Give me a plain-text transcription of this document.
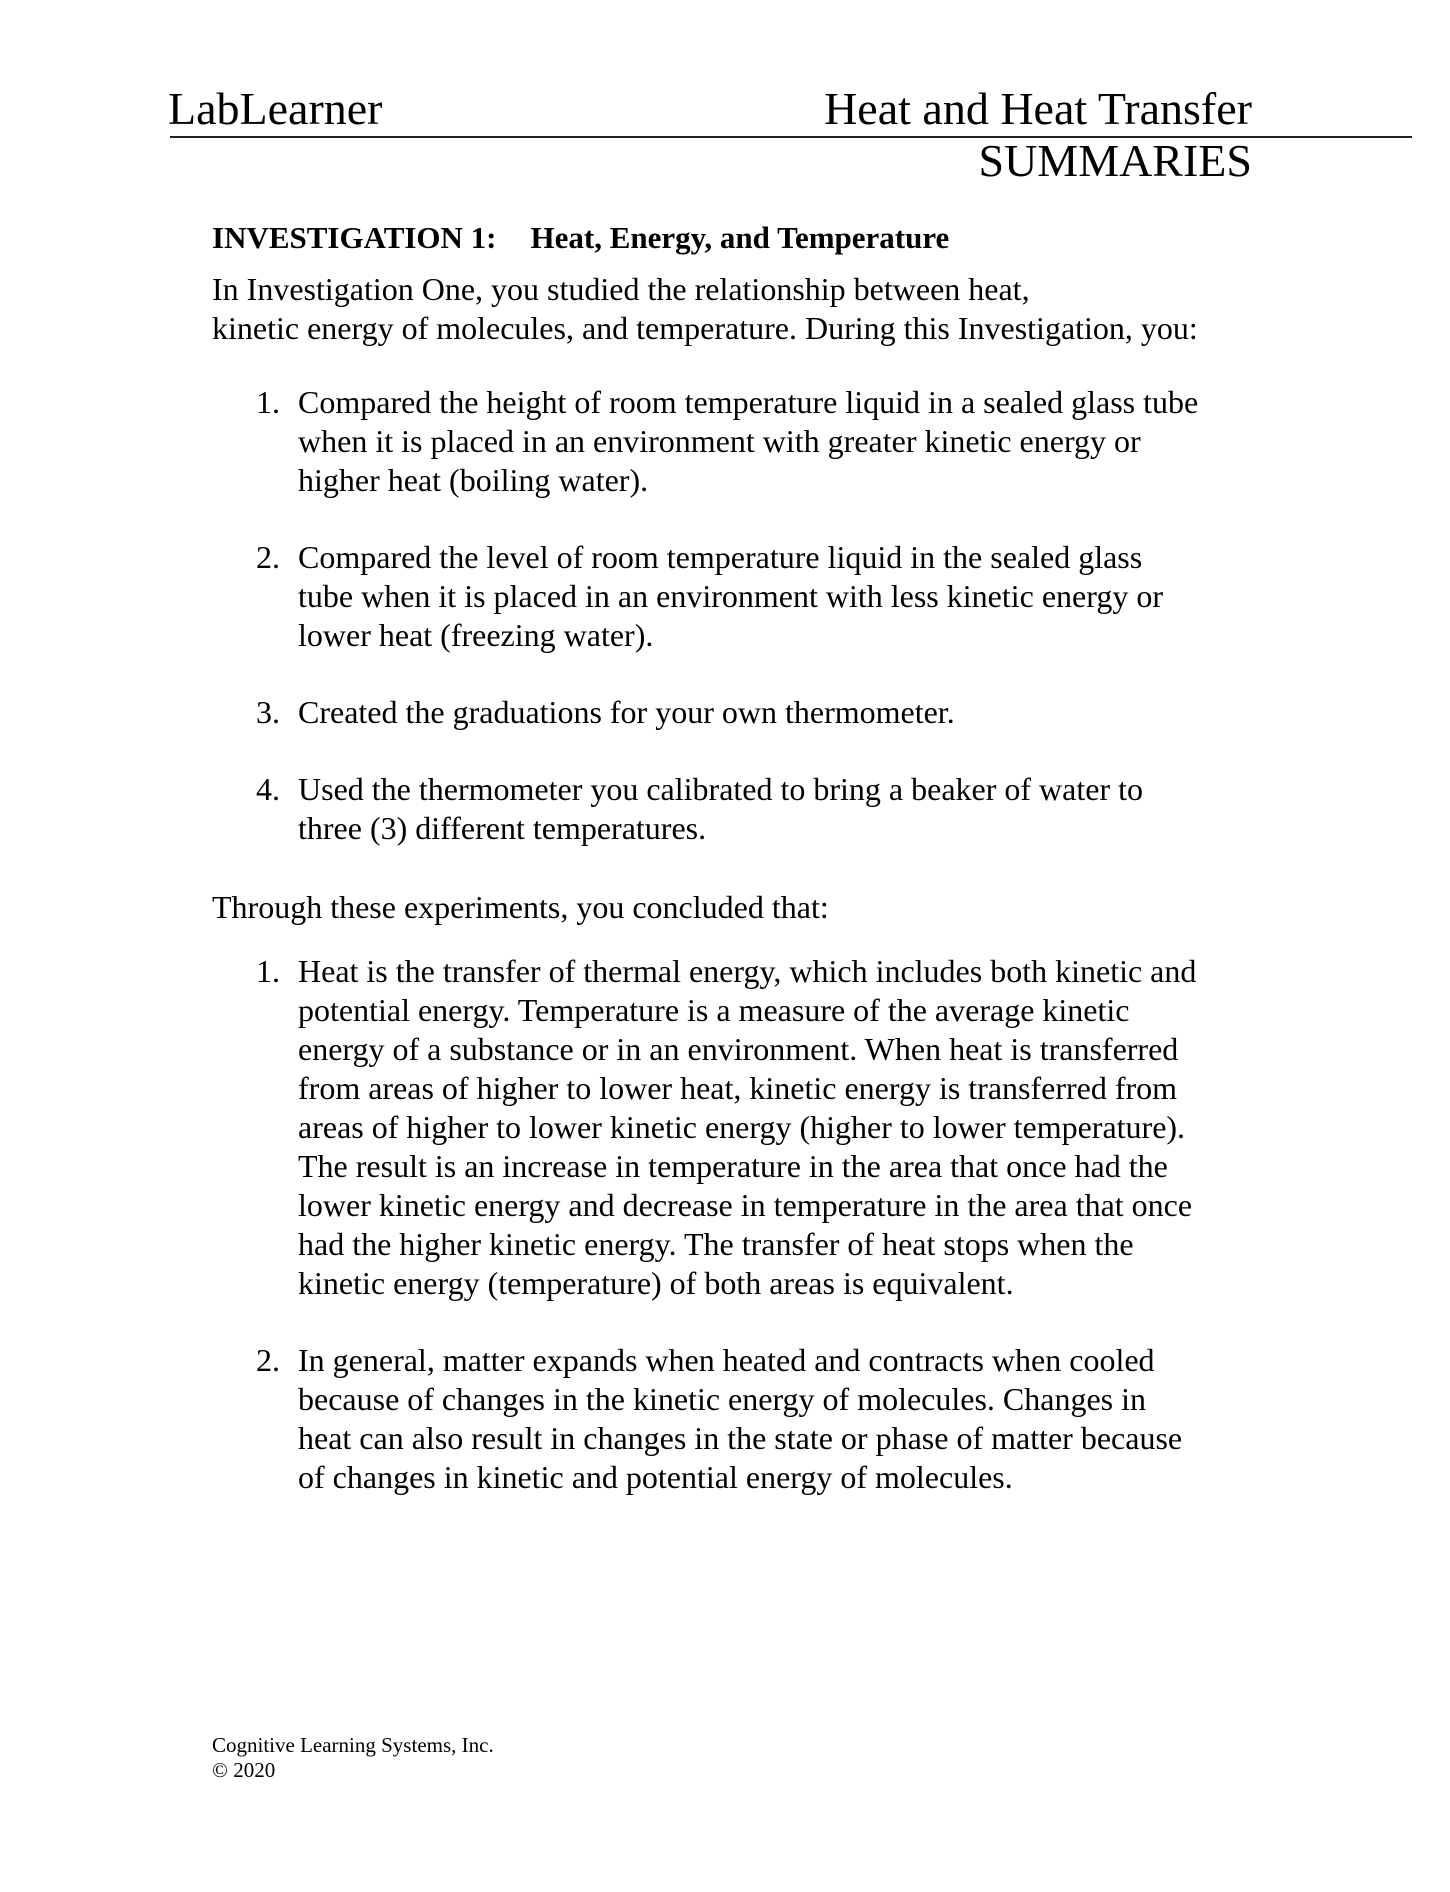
LabLearner	Heat and Heat Transfer
SUMMARIES
INVESTIGATION 1: Heat, Energy, and Temperature
In Investigation One, you studied the relationship between heat,
kinetic energy of molecules, and temperature. During this Investigation, you:
1. Compared the height of room temperature liquid in a sealed glass tube
when it is placed in an environment with greater kinetic energy or
higher heat (boiling water).
2. Compared the level of room temperature liquid in the sealed glass
tube when it is placed in an environment with less kinetic energy or
lower heat (freezing water).
3. Created the graduations for your own thermometer.
4. Used the thermometer you calibrated to bring a beaker of water to
three (3) different temperatures.
Through these experiments, you concluded that:
1. Heat is the transfer of thermal energy, which includes both kinetic and
potential energy. Temperature is a measure of the average kinetic
energy of a substance or in an environment. When heat is transferred
from areas of higher to lower heat, kinetic energy is transferred from
areas of higher to lower kinetic energy (higher to lower temperature).
The result is an increase in temperature in the area that once had the
lower kinetic energy and decrease in temperature in the area that once
had the higher kinetic energy. The transfer of heat stops when the
kinetic energy (temperature) of both areas is equivalent.
2. In general, matter expands when heated and contracts when cooled
because of changes in the kinetic energy of molecules. Changes in
heat can also result in changes in the state or phase of matter because
of changes in kinetic and potential energy of molecules.
Cognitive Learning Systems, Inc.
© 2020
